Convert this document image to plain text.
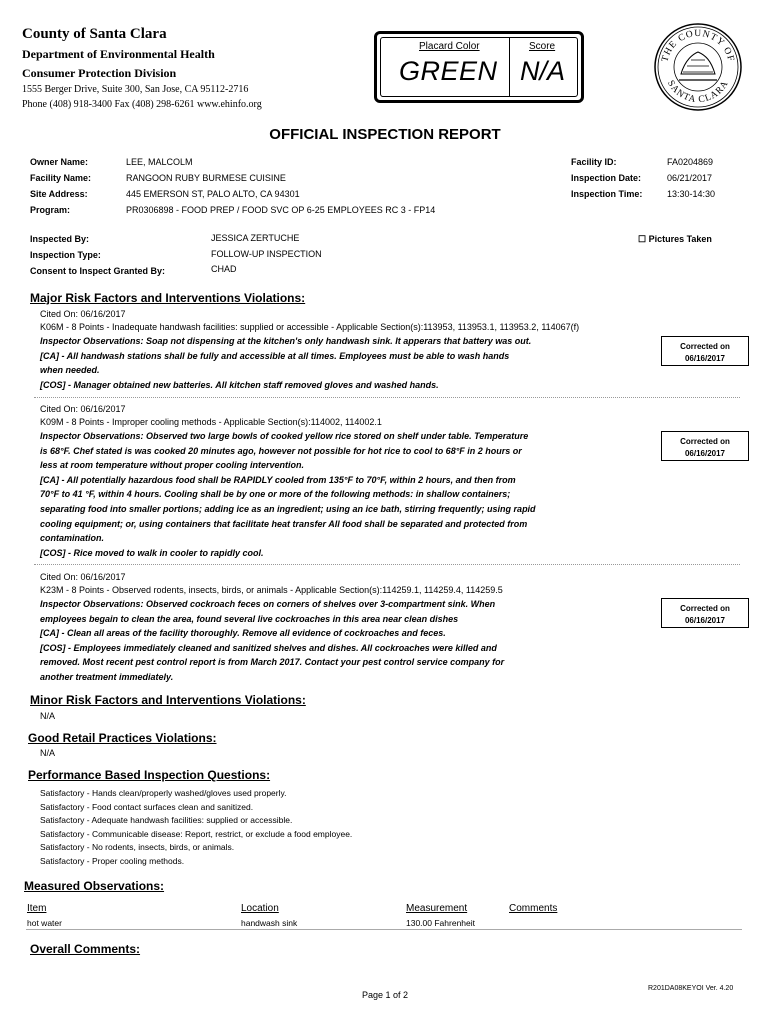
County of Santa Clara
Department of Environmental Health
Consumer Protection Division
1555 Berger Drive, Suite 300, San Jose, CA 95112-2716
Phone (408) 918-3400 Fax (408) 298-6261 www.ehinfo.org
Placard Color	Score
GREEN N/A	THE COUNTY OF
SANTA CLARA
OFFICIAL INSPECTION REPORT
Owner Name:	LEE, MALCOLM
Facility Name:	RANGOON RUBY BURMESE CUISINE
Site Address:	445 EMERSON ST, PALO ALTO, CA 94301
Program:	PR0306898 - FOOD PREP / FOOD SVC OP 6-25 EMPLOYEES RC 3 - FP14
Facility ID:	FA0204869
Inspection Date:	06/21/2017
Inspection Time:	13:30-14:30
Inspected By:	JESSICA ZERTUCHE
Inspection Type:	FOLLOW-UP INSPECTION
Consent to Inspect Granted By:	CHAD
☐ Pictures Taken
Major Risk Factors and Interventions Violations:
Cited On: 06/16/2017
K06M - 8 Points - Inadequate handwash facilities: supplied or accessible - Applicable Section(s):113953, 113953.1, 113953.2, 114067(f)
Inspector Observations: Soap not dispensing at the kitchen's only handwash sink. It apperars that battery was out.
[CA] - All handwash stations shall be fully and accessible at all times. Employees must be able to wash hands
when needed.
[COS] - Manager obtained new batteries. All kitchen staff removed gloves and washed hands.
Corrected on
06/16/2017
Cited On: 06/16/2017
K09M - 8 Points - Improper cooling methods - Applicable Section(s):114002, 114002.1
Inspector Observations: Observed two large bowls of cooked yellow rice stored on shelf under table. Temperature
is 68°F. Chef stated is was cooked 20 minutes ago, however not possible for hot rice to cool to 68°F in 2 hours or
less at room temperature without proper cooling intervention.
[CA] - All potentially hazardous food shall be RAPIDLY cooled from 135°F to 70°F, within 2 hours, and then from
70°F to 41 °F, within 4 hours. Cooling shall be by one or more of the following methods: in shallow containers;
separating food into smaller portions; adding ice as an ingredient; using an ice bath, stirring frequently; using rapid
cooling equipment; or, using containers that facilitate heat transfer All food shall be separated and protected from
contamination.
[COS] - Rice moved to walk in cooler to rapidly cool.
Corrected on
06/16/2017
Cited On: 06/16/2017
K23M - 8 Points - Observed rodents, insects, birds, or animals - Applicable Section(s):114259.1, 114259.4, 114259.5
Inspector Observations: Observed cockroach feces on corners of shelves over 3-compartment sink. When
employees begain to clean the area, found several live cockroaches in this area near clean dishes
[CA] - Clean all areas of the facility thoroughly. Remove all evidence of cockroaches and feces.
[COS] - Employees immediately cleaned and sanitized shelves and dishes. All cockroaches were killed and
removed. Most recent pest control report is from March 2017. Contact your pest control service company for
another treatment immediately.
Corrected on
06/16/2017
Minor Risk Factors and Interventions Violations:
N/A
Good Retail Practices Violations:
N/A
Performance Based Inspection Questions:
Satisfactory - Hands clean/properly washed/gloves used properly.
Satisfactory - Food contact surfaces clean and sanitized.
Satisfactory - Adequate handwash facilities: supplied or accessible.
Satisfactory - Communicable disease: Report, restrict, or exclude a food employee.
Satisfactory - No rodents, insects, birds, or animals.
Satisfactory - Proper cooling methods.
Measured Observations:
Item	Location	Measurement	Comments
hot water	handwash sink	130.00 Fahrenheit
Overall Comments:
Page 1 of 2
R201DA08KEYOI Ver. 4.20
